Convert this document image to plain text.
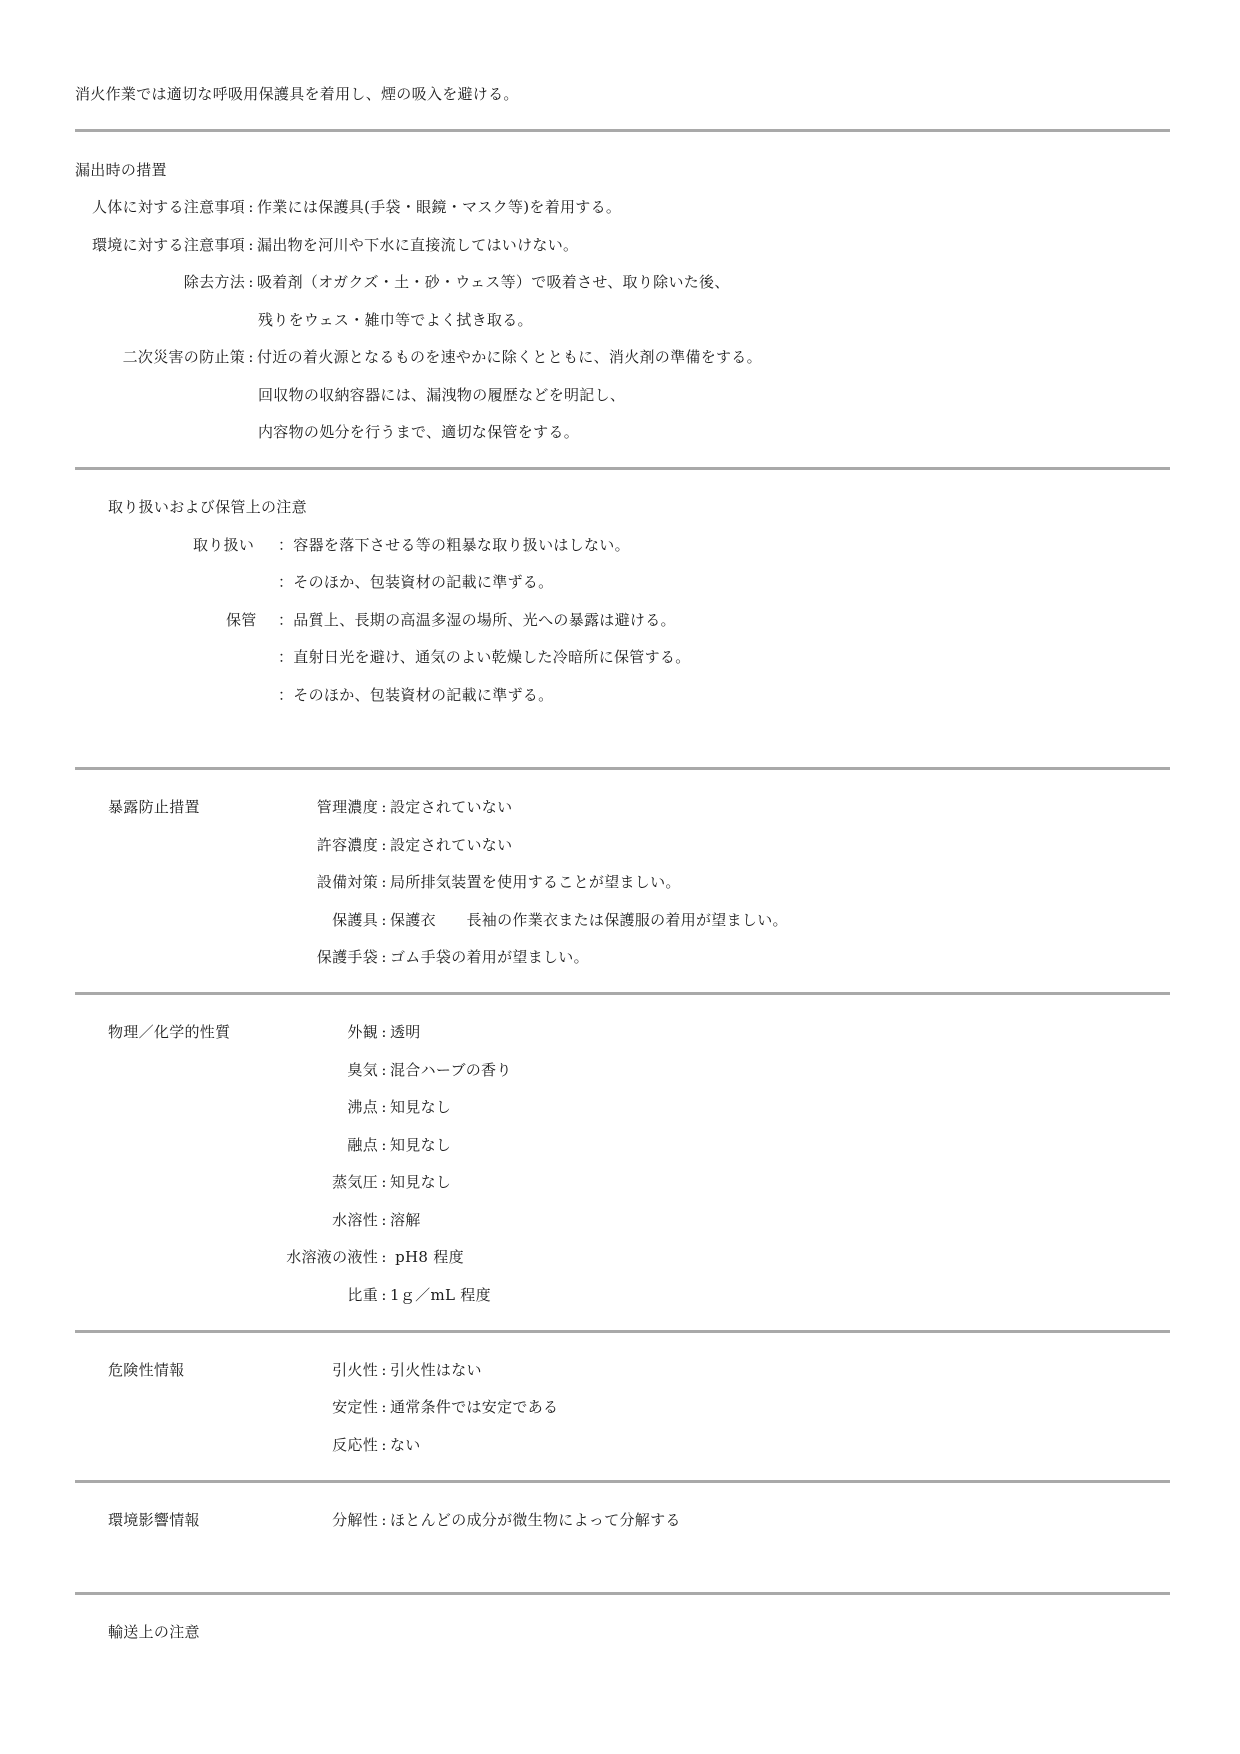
消火作業では適切な呼吸用保護具を着用し、煙の吸入を避ける。
漏出時の措置
人体に対する注意事項 : 作業には保護具(手袋・眼鏡・マスク等)を着用する。
環境に対する注意事項 : 漏出物を河川や下水に直接流してはいけない。
除去方法 : 吸着剤（オガクズ・土・砂・ウェス等）で吸着させ、取り除いた後、
残りをウェス・雑巾等でよく拭き取る。
二次災害の防止策 : 付近の着火源となるものを速やかに除くとともに、消火剤の準備をする。
回収物の収納容器には、漏洩物の履歴などを明記し、
内容物の処分を行うまで、適切な保管をする。
取り扱いおよび保管上の注意
取り扱い ：容器を落下させる等の粗暴な取り扱いはしない。
：そのほか、包装資材の記載に準ずる。
保管 ：品質上、長期の高温多湿の場所、光への暴露は避ける。
：直射日光を避け、通気のよい乾燥した冷暗所に保管する。
：そのほか、包装資材の記載に準ずる。
暴露防止措置	管理濃度 : 設定されていない
許容濃度 : 設定されていない
設備対策 : 局所排気装置を使用することが望ましい。
保護具 : 保護衣　　長袖の作業衣または保護服の着用が望ましい。
保護手袋 : ゴム手袋の着用が望ましい。
物理／化学的性質	外観 : 透明
臭気 : 混合ハーブの香り
沸点 : 知見なし
融点 : 知見なし
蒸気圧 : 知見なし
水溶性 : 溶解
水溶液の液性 : pH8 程度
比重 : 1ｇ／mL 程度
危険性情報	引火性 : 引火性はない
安定性 : 通常条件では安定である
反応性 : ない
環境影響情報	分解性 : ほとんどの成分が微生物によって分解する
輸送上の注意
